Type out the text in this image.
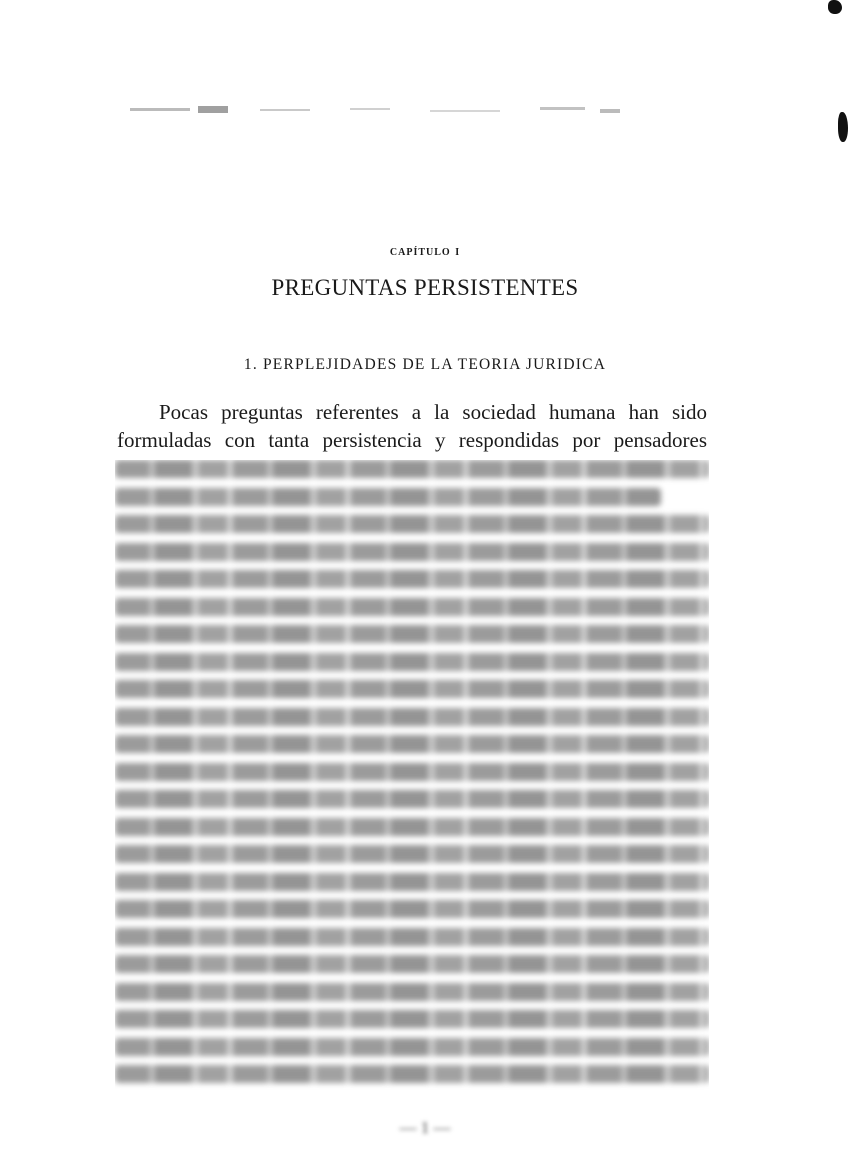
capítulo i
PREGUNTAS PERSISTENTES
1. PERPLEJIDADES DE LA TEORIA JURIDICA
Pocas preguntas referentes a la sociedad humana han sido
formuladas con tanta persistencia y respondidas por pensadores
— 1 —
